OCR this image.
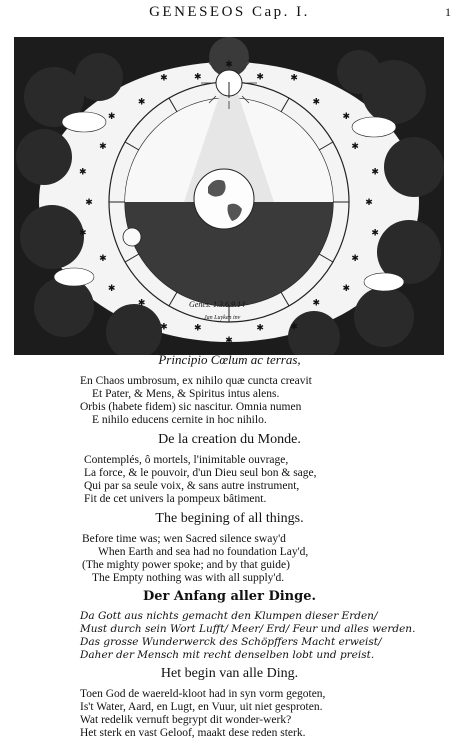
GENESEOS Cap. I.	1
✱
✱
✱
✱
✱
✱
✱
✱
✱
✱
✱
✱
✱
✱
✱
✱
✱
✱
✱
✱	✱
✱
✱	✱
✱
✱
✱
✱
Genes. 1.3.6.9.14
Jan Luyken inv
Principio Cœlum ac terras,
En Chaos umbrosum, ex nihilo quæ cuncta creavit
Et Pater, & Mens, & Spiritus intus alens.
Orbis (habete fidem) sic nascitur. Omnia numen
E nihilo educens cernite in hoc nihilo.
De la creation du Monde.
Contemplés, ô mortels, l'inimitable ouvrage,
La force, & le pouvoir, d'un Dieu seul bon & sage,
Qui par sa seule voix, & sans autre instrument,
Fit de cet univers la pompeux bâtiment.
The begining of all things.
Before time was; wen Sacred silence sway'd
When Earth and sea had no foundation Lay'd,
(The mighty power spoke; and by that guide)
The Empty nothing was with all supply'd.
Der Anfang aller Dinge.
Da Gott aus nichts gemacht den Klumpen dieser Erden/
Must durch sein Wort Lufft/ Meer/ Erd/ Feur und alles werden.
Das grosse Wunderwerck des Schöpffers Macht erweist/
Daher der Mensch mit recht denselben lobt und preist.
Het begin van alle Ding.
Toen God de waereld-kloot had in syn vorm gegoten,
Is't Water, Aard, en Lugt, en Vuur, uit niet gesproten.
Wat redelik vernuft begrypt dit wonder-werk?
Het sterk en vast Geloof, maakt dese reden sterk.
